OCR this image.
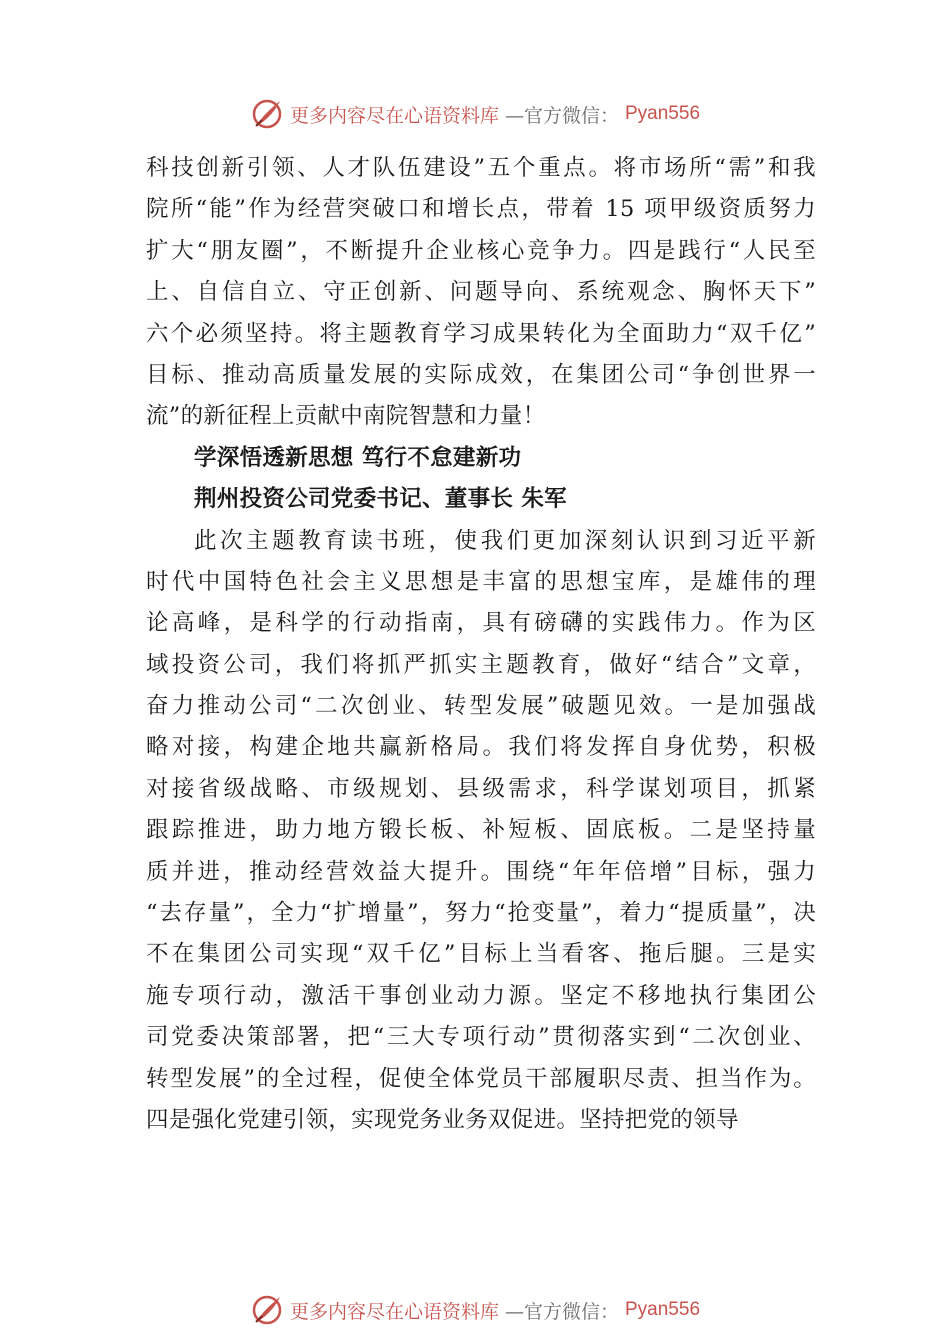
更多内容尽在心语资料库 —官方微信： Pyan556
科技创新引领、人才队伍建设”五个重点。将市场所“需”和我
院所“能”作为经营突破口和增长点，带着 15 项甲级资质努力
扩大“朋友圈”，不断提升企业核心竞争力。四是践行“人民至
上、自信自立、守正创新、问题导向、系统观念、胸怀天下”
六个必须坚持。将主题教育学习成果转化为全面助力“双千亿”
目标、推动高质量发展的实际成效，在集团公司“争创世界一
流”的新征程上贡献中南院智慧和力量！
学深悟透新思想 笃行不怠建新功
荆州投资公司党委书记、董事长 朱军
此次主题教育读书班，使我们更加深刻认识到习近平新
时代中国特色社会主义思想是丰富的思想宝库，是雄伟的理
论高峰，是科学的行动指南，具有磅礴的实践伟力。作为区
域投资公司，我们将抓严抓实主题教育，做好“结合”文章，
奋力推动公司“二次创业、转型发展”破题见效。一是加强战
略对接，构建企地共赢新格局。我们将发挥自身优势，积极
对接省级战略、市级规划、县级需求，科学谋划项目，抓紧
跟踪推进，助力地方锻长板、补短板、固底板。二是坚持量
质并进，推动经营效益大提升。围绕“年年倍增”目标，强力
“去存量”，全力“扩增量”，努力“抢变量”，着力“提质量”，决
不在集团公司实现“双千亿”目标上当看客、拖后腿。三是实
施专项行动，激活干事创业动力源。坚定不移地执行集团公
司党委决策部署，把“三大专项行动”贯彻落实到“二次创业、
转型发展”的全过程，促使全体党员干部履职尽责、担当作为。
四是强化党建引领，实现党务业务双促进。坚持把党的领导
更多内容尽在心语资料库 —官方微信： Pyan556
